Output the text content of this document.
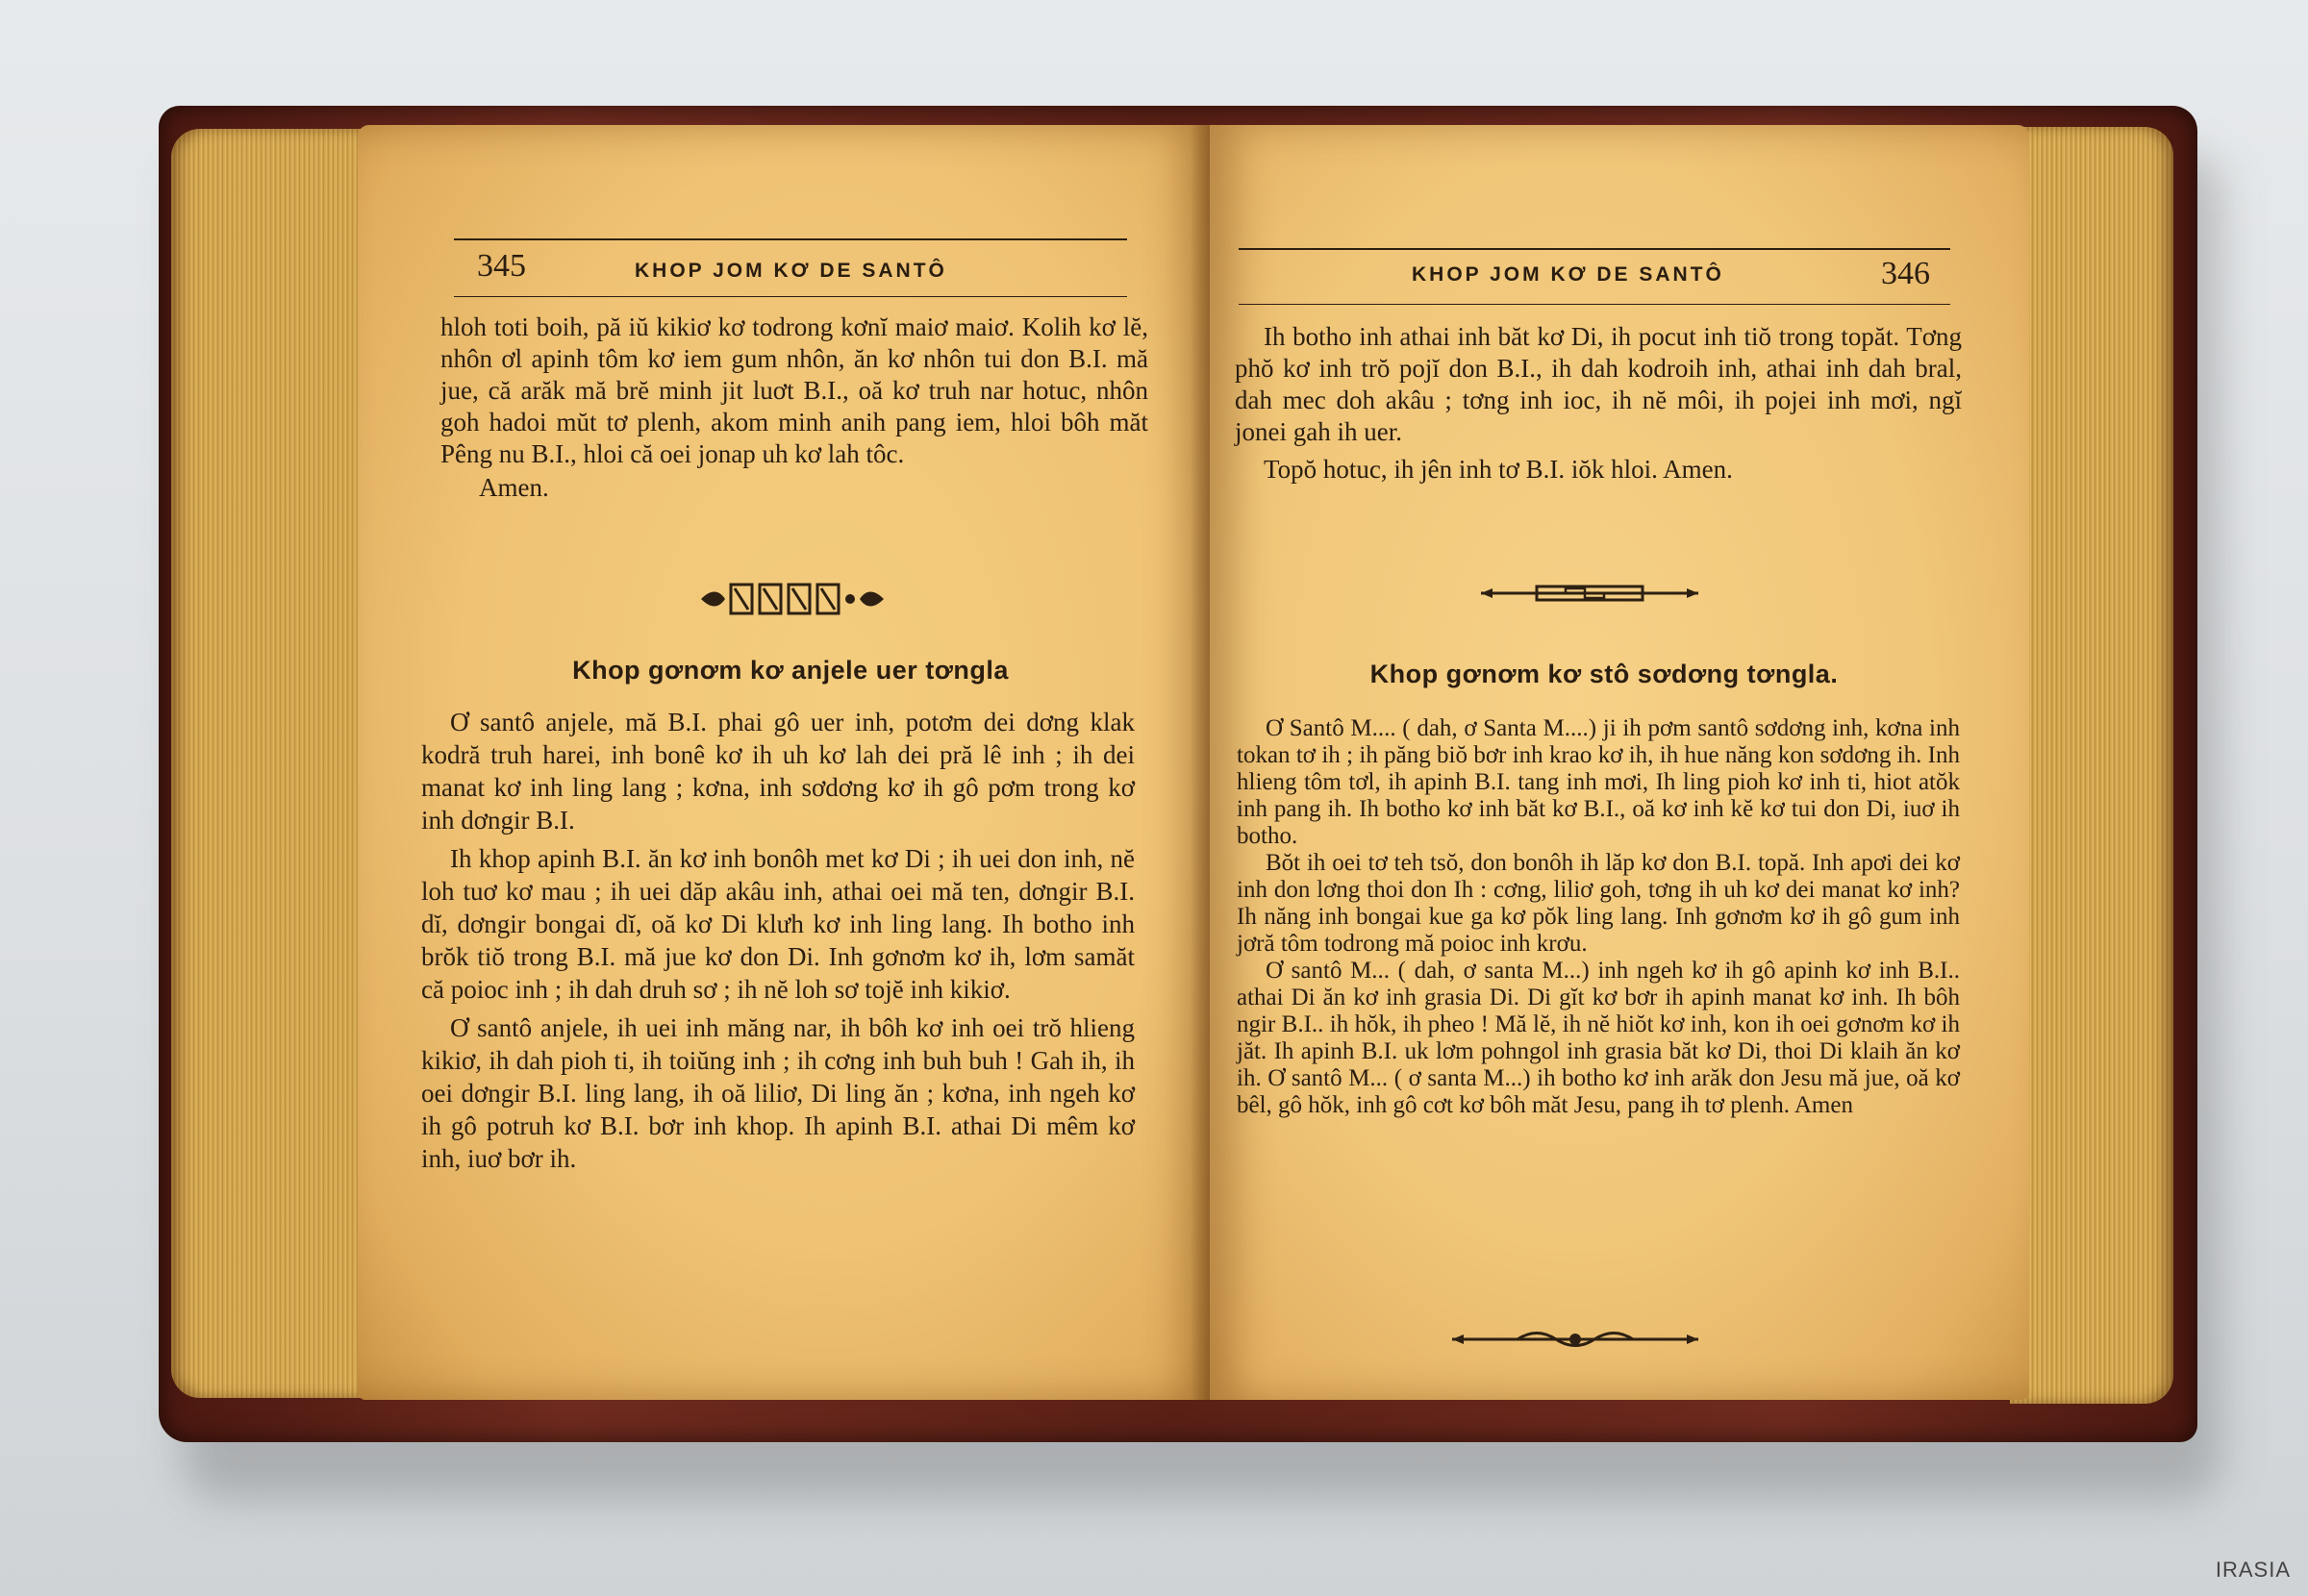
345	KHOP JOM KƠ DE SANTÔ

hloh toti boih, pă iŭ kikiơ kơ todrong kơnĭ maiơ maiơ. Kolih kơ lĕ, nhôn ơl apinh tôm kơ iem gum nhôn, ăn kơ nhôn tui don B.I. mă jue, că arăk mă brĕ minh jit luơt B.I., oă kơ truh nar hotuc, nhôn goh hadoi mŭt tơ plenh, akom minh anih pang iem, hloi bôh măt Pêng nu B.I., hloi că oei jonap uh kơ lah tôc.

Amen.
Khop gơnơm kơ anjele uer tơngla

Ơ santô anjele, mă B.I. phai gô uer inh, potơm dei dơng klak kodră truh harei, inh bonê kơ ih uh kơ lah dei pră lê inh ; ih dei manat kơ inh ling lang ; kơna, inh sơdơng kơ ih gô pơm trong kơ inh dơngir B.I.

Ih khop apinh B.I. ăn kơ inh bonôh met kơ Di ; ih uei don inh, nĕ loh tuơ kơ mau ; ih uei dăp akâu inh, athai oei mă ten, dơngir B.I. dĭ, dơngir bongai dĭ, oă kơ Di klưh kơ inh ling lang. Ih botho inh brŏk tiŏ trong B.I. mă jue kơ don Di. Inh gơnơm kơ ih, lơm samăt că poioc inh ; ih dah druh sơ ; ih nĕ loh sơ tojĕ inh kikiơ.

Ơ santô anjele, ih uei inh măng nar, ih bôh kơ inh oei trŏ hlieng kikiơ, ih dah pioh ti, ih toiŭng inh ; ih cơng inh buh buh ! Gah ih, ih oei dơngir B.I. ling lang, ih oă liliơ, Di ling ăn ; kơna, inh ngeh kơ ih gô potruh kơ B.I. bơr inh khop. Ih apinh B.I. athai Di mêm kơ inh, iuơ bơr ih.

KHOP JOM KƠ DE SANTÔ	346

Ih botho inh athai inh băt kơ Di, ih pocut inh tiŏ trong topăt. Tơng phŏ kơ inh trŏ pojĭ don B.I., ih dah kodroih inh, athai inh dah bral, dah mec doh akâu ; tơng inh ioc, ih nĕ môi, ih pojei inh mơi, ngĭ jonei gah ih uer.

Topŏ hotuc, ih jên inh tơ B.I. iŏk hloi. Amen.

Khop gơnơm kơ stô sơdơng tơngla.

Ơ Santô M.... ( dah, ơ Santa M....) ji ih pơm santô sơdơng inh, kơna inh tokan tơ ih ; ih păng biŏ bơr inh krao kơ ih, ih hue năng kon sơdơng ih. Inh hlieng tôm tơl, ih apinh B.I. tang inh mơi, Ih ling pioh kơ inh ti, hiot atŏk inh pang ih. Ih botho kơ inh băt kơ B.I., oă kơ inh kĕ kơ tui don Di, iuơ ih botho.

Bŏt ih oei tơ teh tsŏ, don bonôh ih lăp kơ don B.I. topă. Inh apơi dei kơ inh don lơng thoi don Ih : cơng, liliơ goh, tơng ih uh kơ dei manat kơ inh? Ih năng inh bongai kue ga kơ pŏk ling lang. Inh gơnơm kơ ih gô gum inh jơră tôm todrong mă poioc inh krơu.

Ơ santô M... ( dah, ơ santa M...) inh ngeh kơ ih gô apinh kơ inh B.I.. athai Di ăn kơ inh grasia Di. Di gĭt kơ bơr ih apinh manat kơ inh. Ih bôh ngir B.I.. ih hŏk, ih pheo ! Mă lĕ, ih nĕ hiŏt kơ inh, kon ih oei gơnơm kơ ih jăt. Ih apinh B.I. uk lơm pohngol inh grasia băt kơ Di, thoi Di klaih ăn kơ ih. Ơ santô M... ( ơ santa M...) ih botho kơ inh arăk don Jesu mă jue, oă kơ bêl, gô hŏk, inh gô cơt kơ bôh măt Jesu, pang ih tơ plenh. Amen

IRASIA
